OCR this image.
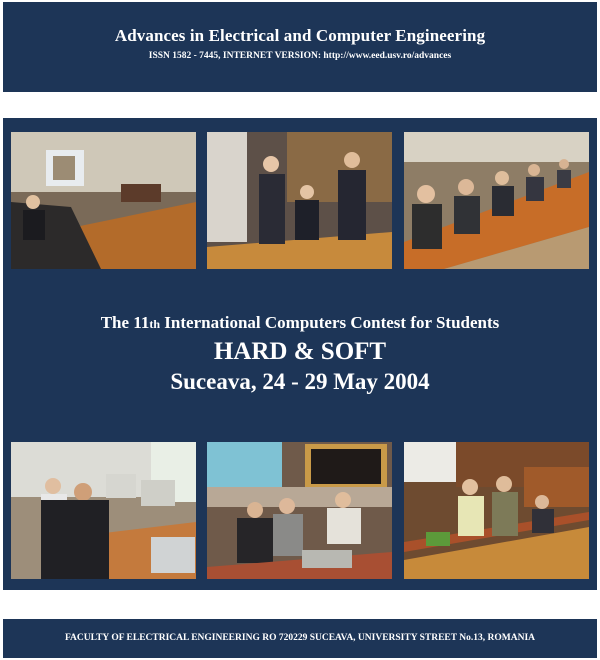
Advances in Electrical and Computer Engineering
ISSN 1582 - 7445, INTERNET VERSION: http://www.eed.usv.ro/advances
The 11th International Computers Contest for Students
HARD & SOFT
Suceava, 24 - 29 May 2004
FACULTY OF ELECTRICAL ENGINEERING RO 720229 SUCEAVA, UNIVERSITY STREET No.13, ROMANIA
